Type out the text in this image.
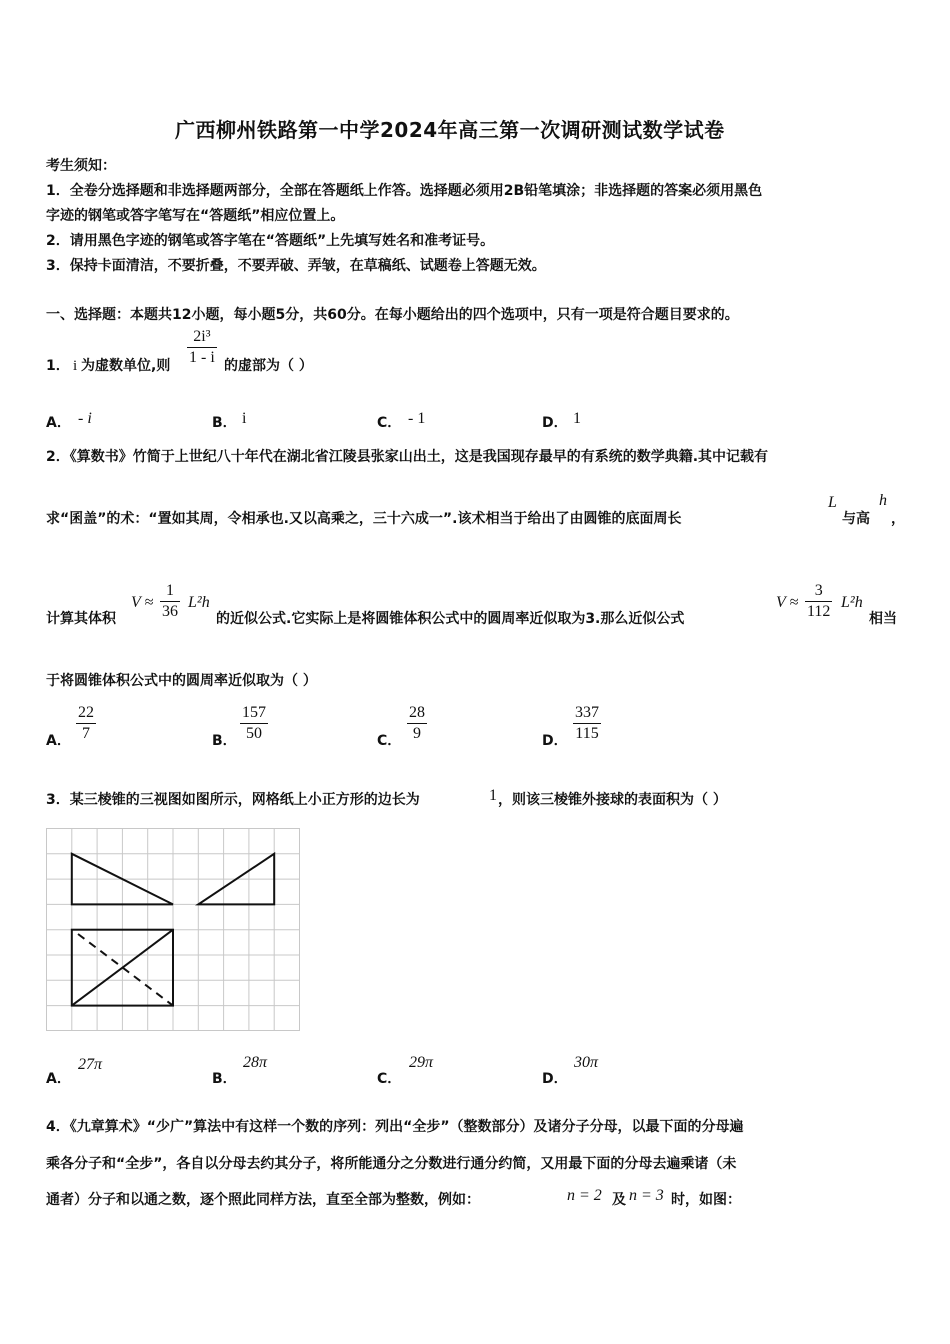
广西柳州铁路第一中学2024年高三第一次调研测试数学试卷
考生须知：
1．全卷分选择题和非选择题两部分，全部在答题纸上作答。选择题必须用2B铅笔填涂；非选择题的答案必须用黑色
字迹的钢笔或答字笔写在“答题纸”相应位置上。
2．请用黑色字迹的钢笔或答字笔在“答题纸”上先填写姓名和准考证号。
3．保持卡面清洁，不要折叠，不要弄破、弄皱，在草稿纸、试题卷上答题无效。
一、选择题：本题共12小题，每小题5分，共60分。在每小题给出的四个选项中，只有一项是符合题目要求的。
1． i 为虚数单位,则 $\frac{\text{2i³}}{1 - i}$ 的虚部为（ ）
A． - i	B． i	C． - 1	D． 1
2．《算数书》竹简于上世纪八十年代在湖北省江陵县张家山出土，这是我国现存最早的有系统的数学典籍.其中记载有
求“囷盖”的术：“置如其周，令相承也.又以高乘之，三十六成一”.该术相当于给出了由圆锥的底面周长
L
与高
h
，
计算其体积
$V \approx \frac{1}{36} L^2h$
的近似公式.它实际上是将圆锥体积公式中的圆周率近似取为3.那么近似公式
$V \approx \frac{3}{112} L^2h$
相当
于将圆锥体积公式中的圆周率近似取为（ ）
A． $\frac{22}{7}$	B． $\frac{157}{50}$	C． $\frac{28}{9}$	D． $\frac{337}{115}$
3．某三棱锥的三视图如图所示，网格纸上小正方形的边长为	1 ，则该三棱锥外接球的表面积为（ ）
A．
27π
B．
28π
C．
29π
D．
30π
4．《九章算术》“少广”算法中有这样一个数的序列：列出“全步”（整数部分）及诸分子分母，以最下面的分母遍
乘各分子和“全步”，各自以分母去约其分子，将所能通分之分数进行通分约简，又用最下面的分母去遍乘诸（未
通者）分子和以通之数，逐个照此同样方法，直至全部为整数，例如：	n = 2 及 n = 3 时，如图：
